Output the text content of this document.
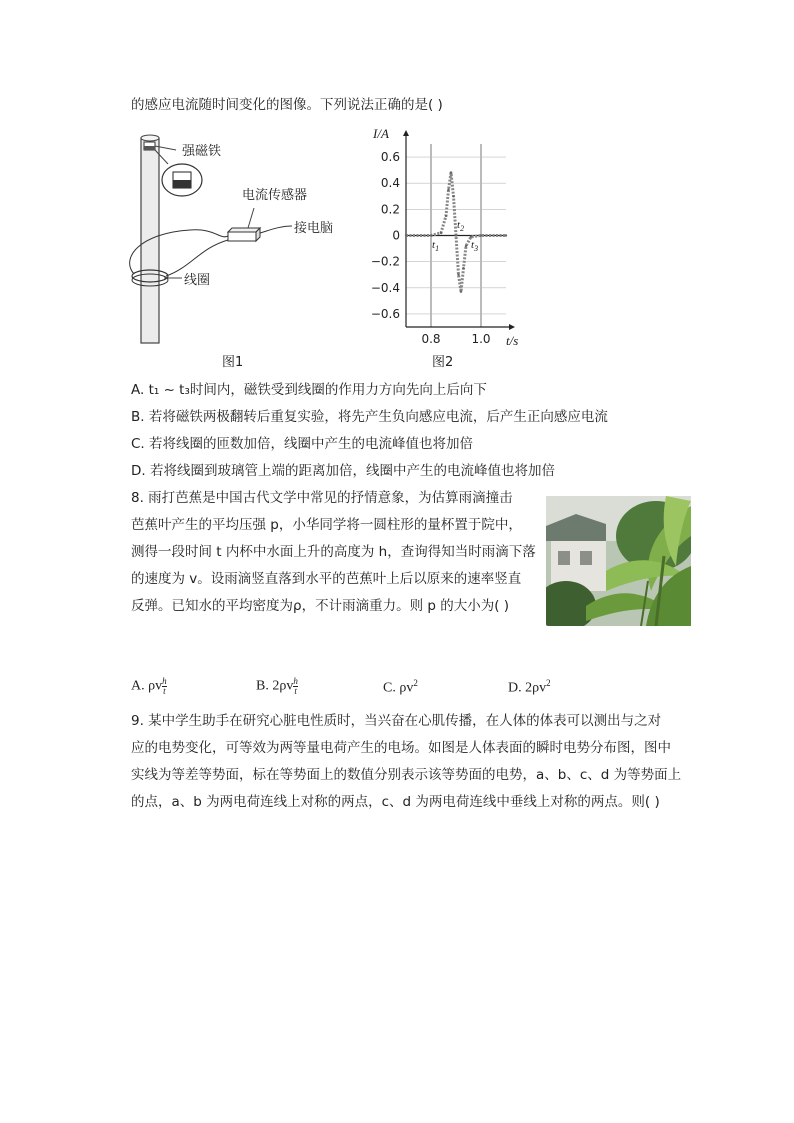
的感应电流随时间变化的图像。下列说法正确的是( )
强磁铁
电流传感器
接电脑
线圈
图1
0.6
0.4
0.2
0
−0.2
−0.4
−0.6
0.8	1.0
I/A
t/s
$t_1$
$t_2$
$t_3$
图2
A. t₁ ~ t₃时间内，磁铁受到线圈的作用力方向先向上后向下
B. 若将磁铁两极翻转后重复实验，将先产生负向感应电流，后产生正向感应电流
C. 若将线圈的匝数加倍，线圈中产生的电流峰值也将加倍
D. 若将线圈到玻璃管上端的距离加倍，线圈中产生的电流峰值也将加倍
8. 雨打芭蕉是中国古代文学中常见的抒情意象，为估算雨滴撞击
芭蕉叶产生的平均压强 p，小华同学将一圆柱形的量杯置于院中，
测得一段时间 t 内杯中水面上升的高度为 h，查询得知当时雨滴下落
的速度为 v。设雨滴竖直落到水平的芭蕉叶上后以原来的速率竖直
反弹。已知水的平均密度为ρ，不计雨滴重力。则 p 的大小为( )
A. ρv $\frac{h}{t}$	B. $2\rho v \frac{h}{t}$	C. $\rho v^2$	D. $2\rho v^2$
9. 某中学生助手在研究心脏电性质时，当兴奋在心肌传播，在人体的体表可以测出与之对
应的电势变化，可等效为两等量电荷产生的电场。如图是人体表面的瞬时电势分布图，图中
实线为等差等势面，标在等势面上的数值分别表示该等势面的电势，a、b、c、d 为等势面上
的点，a、b 为两电荷连线上对称的两点，c、d 为两电荷连线中垂线上对称的两点。则( )
